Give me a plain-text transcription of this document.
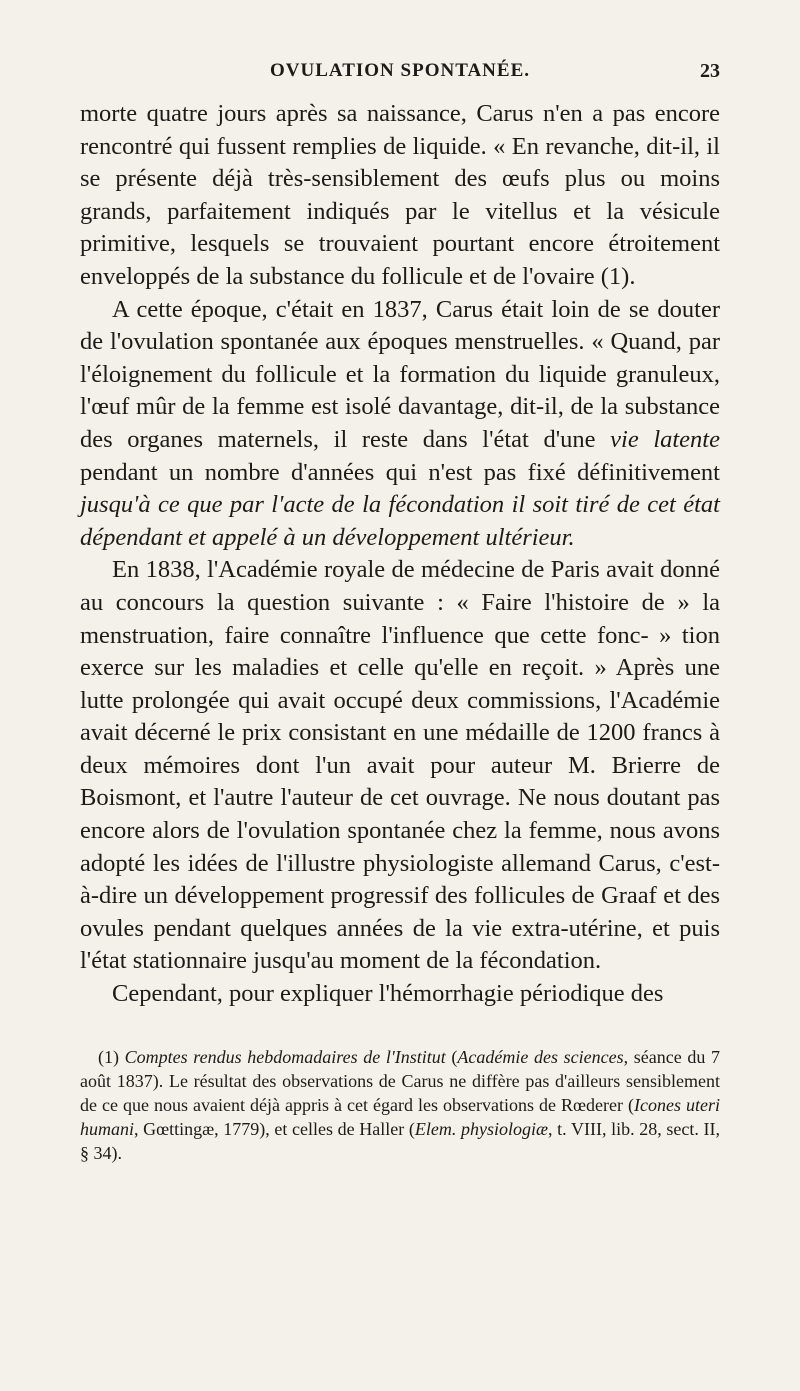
OVULATION SPONTANÉE.	23

morte quatre jours après sa naissance, Carus n'en a pas encore rencontré qui fussent remplies de liquide. « En revanche, dit-il, il se présente déjà très-sensiblement des œufs plus ou moins grands, parfaitement indiqués par le vitellus et la vésicule primitive, lesquels se trouvaient pourtant encore étroitement enveloppés de la substance du follicule et de l'ovaire (1).

A cette époque, c'était en 1837, Carus était loin de se douter de l'ovulation spontanée aux époques menstruelles. « Quand, par l'éloignement du follicule et la formation du liquide granuleux, l'œuf mûr de la femme est isolé davantage, dit-il, de la substance des organes maternels, il reste dans l'état d'une vie latente pendant un nombre d'années qui n'est pas fixé définitivement jusqu'à ce que par l'acte de la fécondation il soit tiré de cet état dépendant et appelé à un développement ultérieur.

En 1838, l'Académie royale de médecine de Paris avait donné au concours la question suivante : « Faire l'histoire de » la menstruation, faire connaître l'influence que cette fonc- » tion exerce sur les maladies et celle qu'elle en reçoit. » Après une lutte prolongée qui avait occupé deux commissions, l'Académie avait décerné le prix consistant en une médaille de 1200 francs à deux mémoires dont l'un avait pour auteur M. Brierre de Boismont, et l'autre l'auteur de cet ouvrage. Ne nous doutant pas encore alors de l'ovulation spontanée chez la femme, nous avons adopté les idées de l'illustre physiologiste allemand Carus, c'est-à-dire un développement progressif des follicules de Graaf et des ovules pendant quelques années de la vie extra-utérine, et puis l'état stationnaire jusqu'au moment de la fécondation.

Cependant, pour expliquer l'hémorrhagie périodique des

(1) Comptes rendus hebdomadaires de l'Institut (Académie des sciences, séance du 7 août 1837). Le résultat des observations de Carus ne diffère pas d'ailleurs sensiblement de ce que nous avaient déjà appris à cet égard les observations de Rœderer (Icones uteri humani, Gœttingæ, 1779), et celles de Haller (Elem. physiologiæ, t. VIII, lib. 28, sect. II, § 34).
